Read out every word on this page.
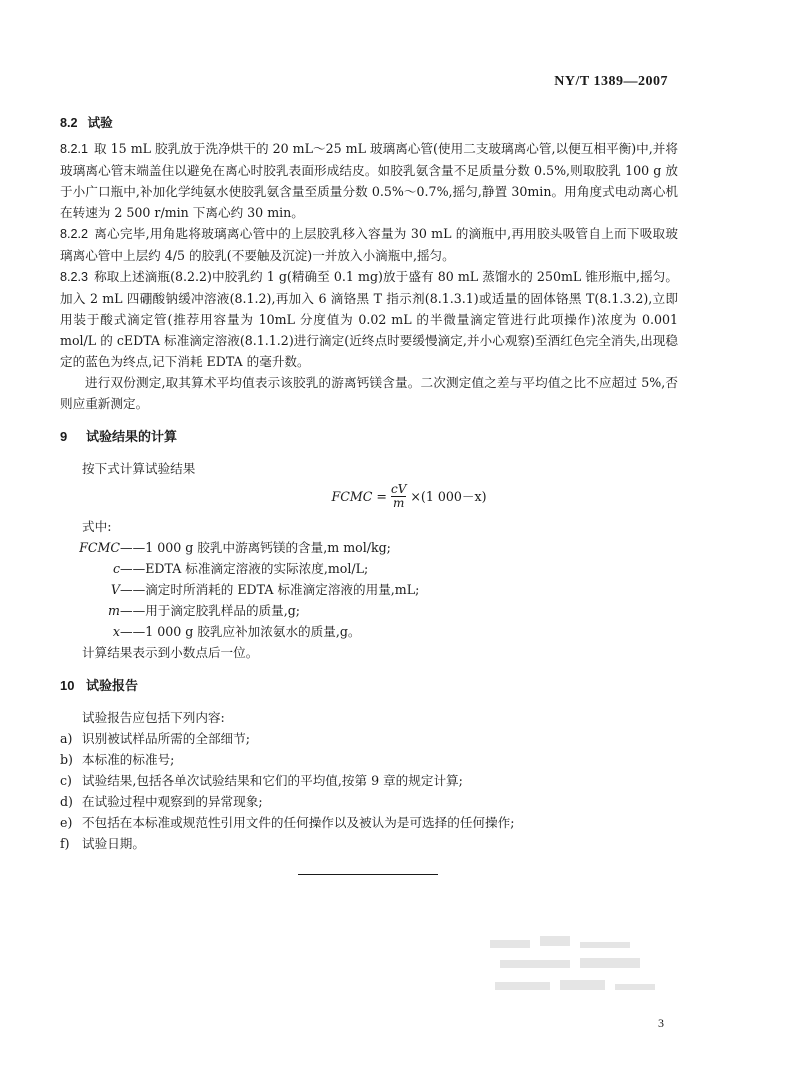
NY/T 1389—2007
8.2 试验

8.2.1 取 15 mL 胶乳放于洗净烘干的 20 mL～25 mL 玻璃离心管(使用二支玻璃离心管,以便互相平衡)中,并将玻璃离心管末端盖住以避免在离心时胶乳表面形成结皮。如胶乳氨含量不足质量分数 0.5%,则取胶乳 100 g 放于小广口瓶中,补加化学纯氨水使胶乳氨含量至质量分数 0.5%～0.7%,摇匀,静置 30min。用角度式电动离心机在转速为 2 500 r/min 下离心约 30 min。

8.2.2 离心完毕,用角匙将玻璃离心管中的上层胶乳移入容量为 30 mL 的滴瓶中,再用胶头吸管自上而下吸取玻璃离心管中上层约 4/5 的胶乳(不要触及沉淀)一并放入小滴瓶中,摇匀。

8.2.3 称取上述滴瓶(8.2.2)中胶乳约 1 g(精确至 0.1 mg)放于盛有 80 mL 蒸馏水的 250mL 锥形瓶中,摇匀。加入 2 mL 四硼酸钠缓冲溶液(8.1.2),再加入 6 滴铬黑 T 指示剂(8.1.3.1)或适量的固体铬黑 T(8.1.3.2),立即用装于酸式滴定管(推荐用容量为 10mL 分度值为 0.02 mL 的半微量滴定管进行此项操作)浓度为 0.001 mol/L 的 cEDTA 标准滴定溶液(8.1.1.2)进行滴定(近终点时要缓慢滴定,并小心观察)至酒红色完全消失,出现稳定的蓝色为终点,记下消耗 EDTA 的毫升数。

进行双份测定,取其算术平均值表示该胶乳的游离钙镁含量。二次测定值之差与平均值之比不应超过 5%,否则应重新测定。

9 试验结果的计算

按下式计算试验结果

FCMC = $\frac{cV}{m} \times(1$ 000－x)

式中:

FCMC ——1 000 g 胶乳中游离钙镁的含量,m mol/kg;
c ——EDTA 标准滴定溶液的实际浓度,mol/L;
V ——滴定时所消耗的 EDTA 标准滴定溶液的用量,mL;
m ——用于滴定胶乳样品的质量,g;
x ——1 000 g 胶乳应补加浓氨水的质量,g。

计算结果表示到小数点后一位。

10 试验报告

试验报告应包括下列内容:

a) 识别被试样品所需的全部细节;
b) 本标准的标准号;
c) 试验结果,包括各单次试验结果和它们的平均值,按第 9 章的规定计算;
d) 在试验过程中观察到的异常现象;
e) 不包括在本标准或规范性引用文件的任何操作以及被认为是可选择的任何操作;
f) 试验日期。
3
